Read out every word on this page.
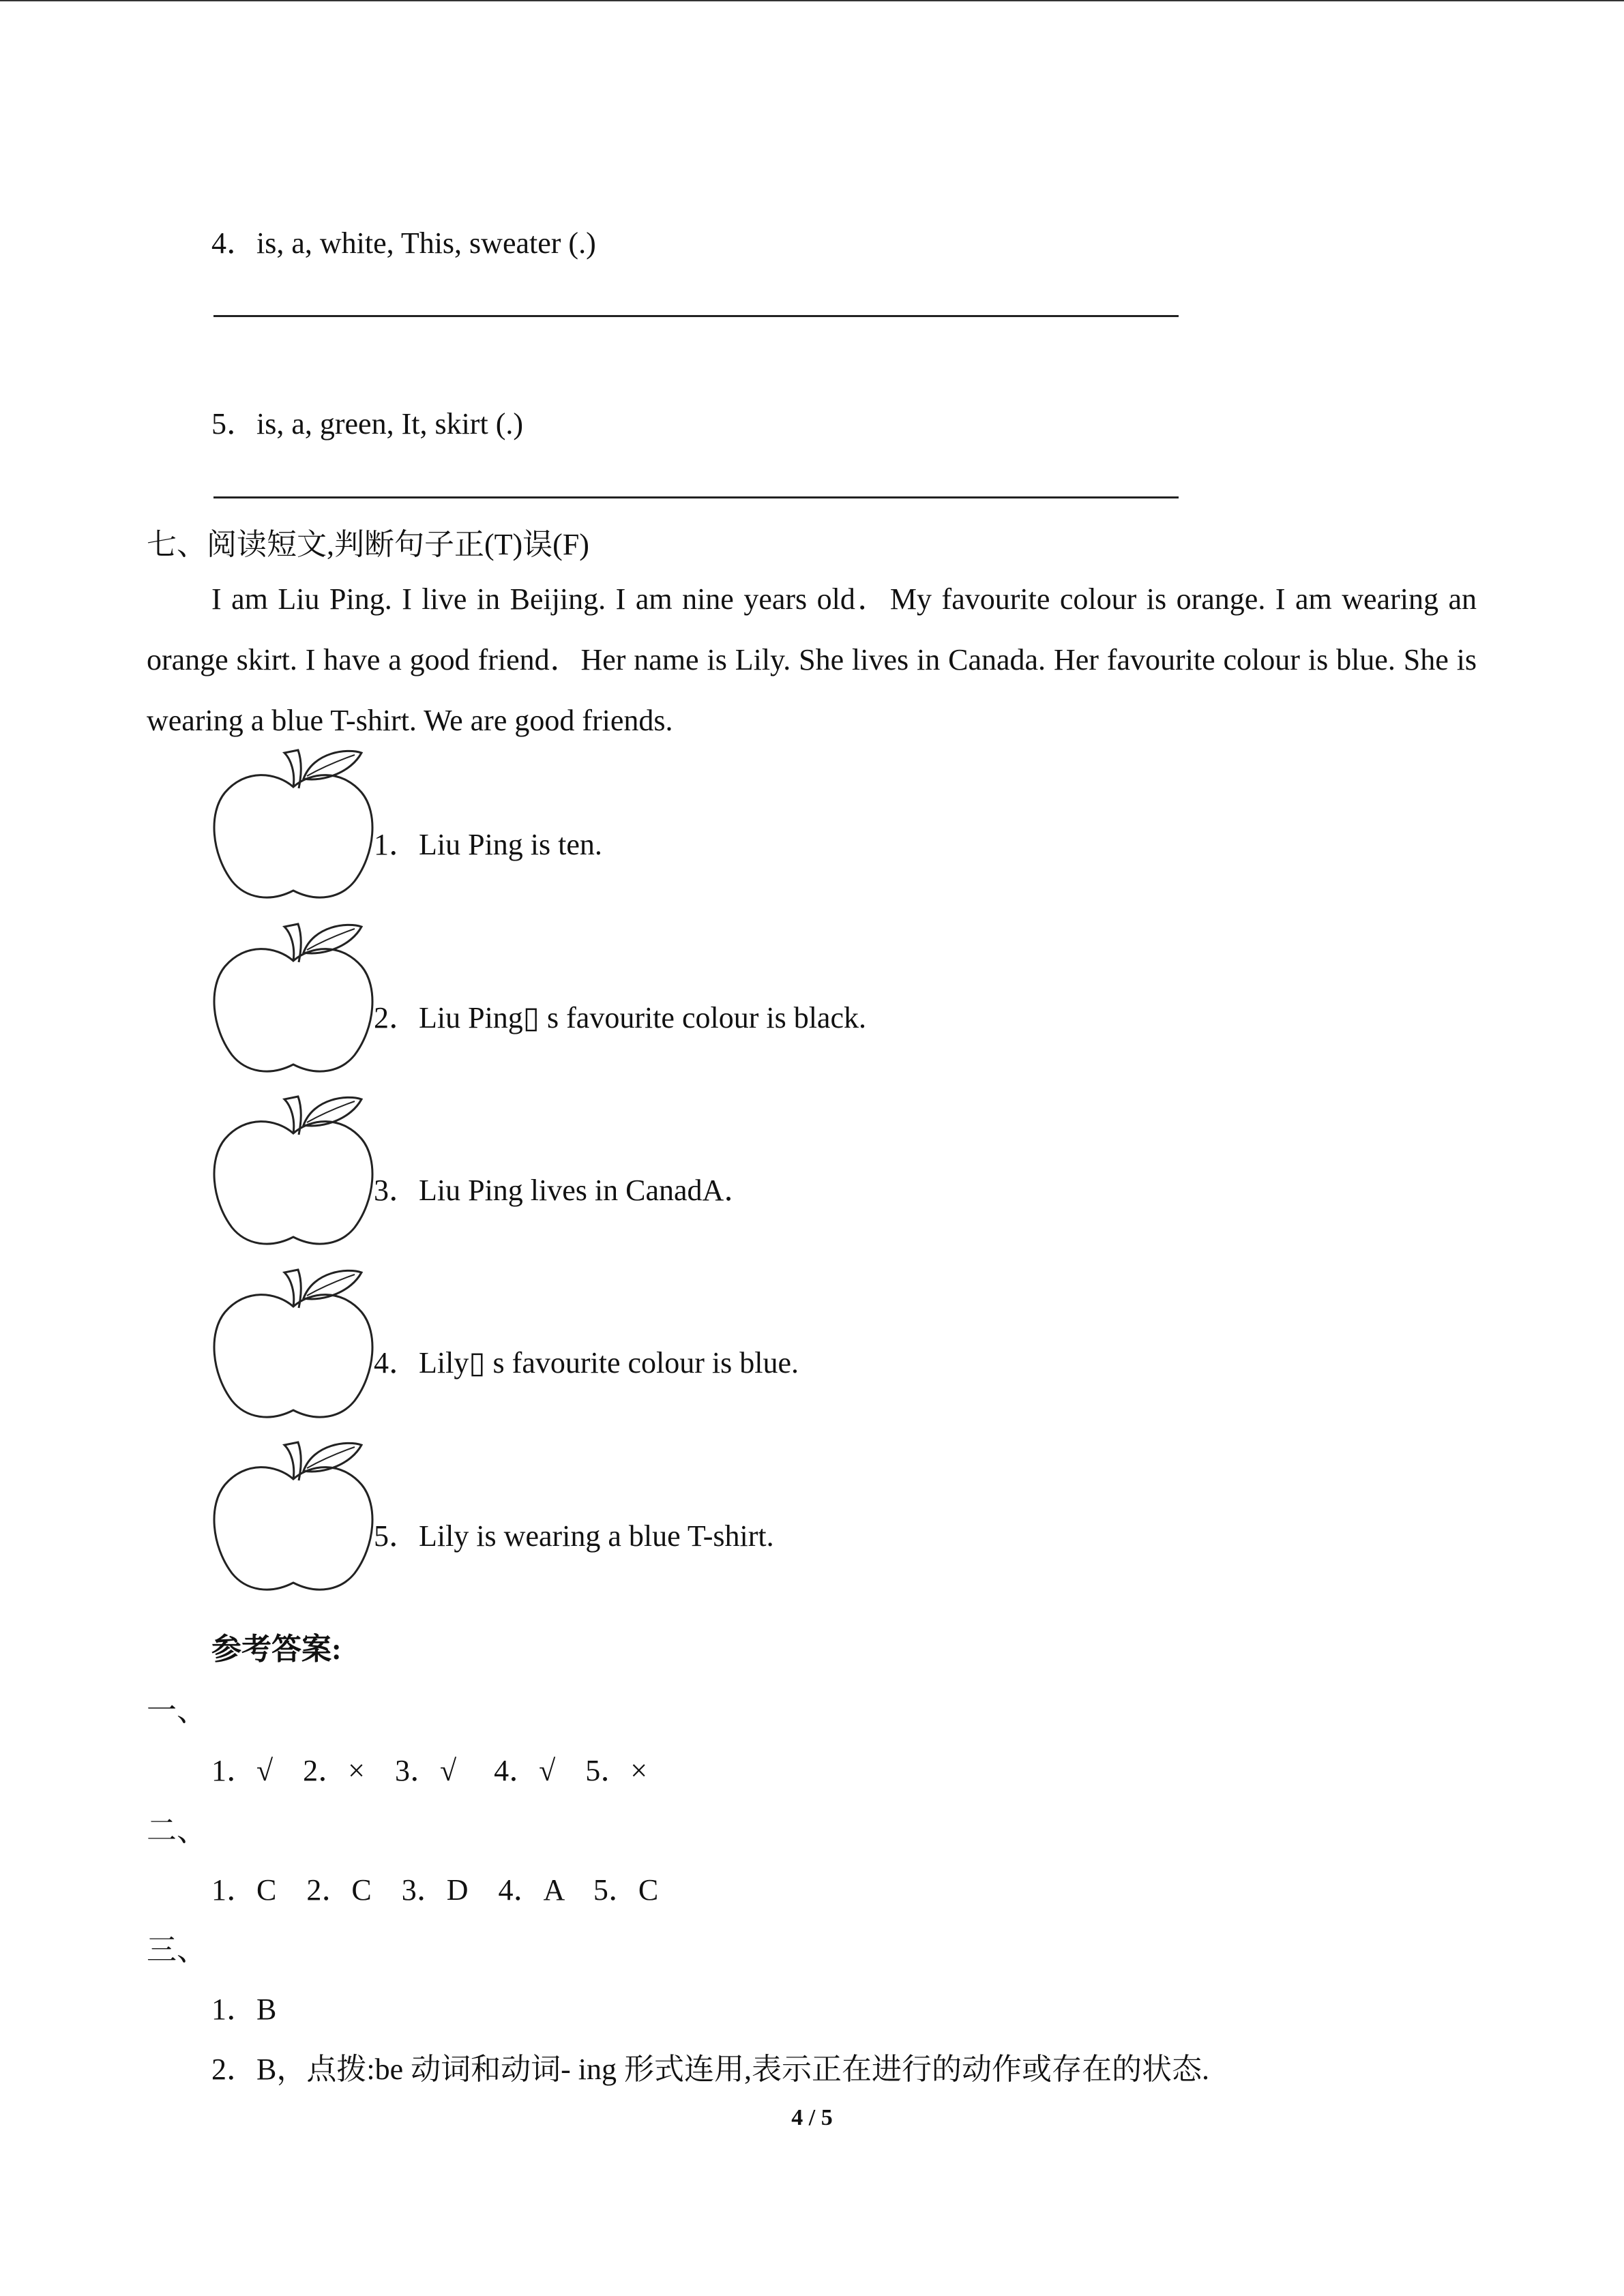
4．is, a, white, This, sweater (.)
5．is, a, green, It, skirt (.)
七、阅读短文,判断句子正(T)误(F)
I am Liu Ping. I live in Beijing. I am nine years old．My favourite colour is orange. I am wearing an orange skirt. I have a good friend．Her name is Lily. She lives in Canada. Her favourite colour is blue. She is wearing a blue T-shirt. We are good friends.
1．Liu Ping is ten.
2．Liu Ping▯ s favourite colour is black.
3．Liu Ping lives in CanadA．
4．Lily▯ s favourite colour is blue.
5．Lily is wearing a blue T-shirt.
参考答案:
一、
1．√　2．×　3．√　 4．√　5．×
二、
1．C　2．C　3．D　4．A　5．C
三、
1．B
2．B，点拨:be 动词和动词- ing 形式连用,表示正在进行的动作或存在的状态.
4 / 5
